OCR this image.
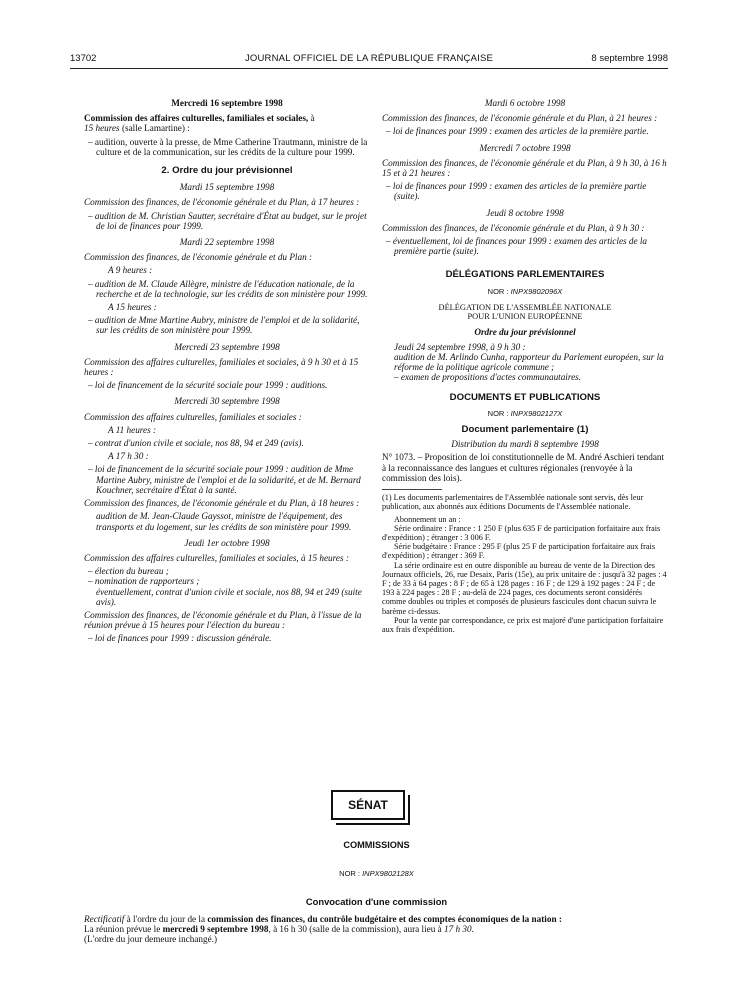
13702	JOURNAL OFFICIEL DE LA RÉPUBLIQUE FRANÇAISE	8 septembre 1998
Mercredi 16 septembre 1998
Commission des affaires culturelles, familiales et sociales, à
15 heures (salle Lamartine) :
– audition, ouverte à la presse, de Mme Catherine Trautmann, ministre de la culture et de la communication, sur les crédits de la culture pour 1999.
2. Ordre du jour prévisionnel
Mardi 15 septembre 1998
Commission des finances, de l'économie générale et du Plan, à 17 heures :
– audition de M. Christian Sautter, secrétaire d'État au budget, sur le projet de loi de finances pour 1999.
Mardi 22 septembre 1998
Commission des finances, de l'économie générale et du Plan :
A 9 heures :
– audition de M. Claude Allègre, ministre de l'éducation nationale, de la recherche et de la technologie, sur les crédits de son ministère pour 1999.
A 15 heures :
– audition de Mme Martine Aubry, ministre de l'emploi et de la solidarité, sur les crédits de son ministère pour 1999.
Mercredi 23 septembre 1998
Commission des affaires culturelles, familiales et sociales, à 9 h 30 et à 15 heures :
– loi de financement de la sécurité sociale pour 1999 : auditions.
Mercredi 30 septembre 1998
Commission des affaires culturelles, familiales et sociales :
A 11 heures :
– contrat d'union civile et sociale, nos 88, 94 et 249 (avis).
A 17 h 30 :
– loi de financement de la sécurité sociale pour 1999 : audition de Mme Martine Aubry, ministre de l'emploi et de la solidarité, et de M. Bernard Kouchner, secrétaire d'État à la santé.
Commission des finances, de l'économie générale et du Plan, à 18 heures :
audition de M. Jean-Claude Gayssot, ministre de l'équipement, des transports et du logement, sur les crédits de son ministère pour 1999.
Jeudi 1er octobre 1998
Commission des affaires culturelles, familiales et sociales, à 15 heures :
– élection du bureau ;
– nomination de rapporteurs ;
éventuellement, contrat d'union civile et sociale, nos 88, 94 et 249 (suite avis).
Commission des finances, de l'économie générale et du Plan, à l'issue de la réunion prévue à 15 heures pour l'élection du bureau :
– loi de finances pour 1999 : discussion générale.
Mardi 6 octobre 1998
Commission des finances, de l'économie générale et du Plan, à 21 heures :
– loi de finances pour 1999 : examen des articles de la première partie.
Mercredi 7 octobre 1998
Commission des finances, de l'économie générale et du Plan, à 9 h 30, à 16 h 15 et à 21 heures :
– loi de finances pour 1999 : examen des articles de la première partie (suite).
Jeudi 8 octobre 1998
Commission des finances, de l'économie générale et du Plan, à 9 h 30 :
– éventuellement, loi de finances pour 1999 : examen des articles de la première partie (suite).
DÉLÉGATIONS PARLEMENTAIRES
NOR : INPX9802096X
DÉLÉGATION DE L'ASSEMBLÉE NATIONALE
POUR L'UNION EUROPÉENNE
Ordre du jour prévisionnel
Jeudi 24 septembre 1998, à 9 h 30 :
audition de M. Arlindo Cunha, rapporteur du Parlement européen, sur la réforme de la politique agricole commune ;
– examen de propositions d'actes communautaires.
DOCUMENTS ET PUBLICATIONS
NOR : INPX9802127X
Document parlementaire (1)
Distribution du mardi 8 septembre 1998
N° 1073. – Proposition de loi constitutionnelle de M. André Aschieri tendant à la reconnaissance des langues et cultures régionales (renvoyée à la commission des lois).
(1) Les documents parlementaires de l'Assemblée nationale sont servis, dès leur publication, aux abonnés aux éditions Documents de l'Assemblée nationale.
Abonnement un an :
Série ordinaire : France : 1 250 F (plus 635 F de participation forfaitaire aux frais d'expédition) ; étranger : 3 006 F.
Série budgétaire : France : 295 F (plus 25 F de participation forfaitaire aux frais d'expédition) ; étranger : 369 F.
La série ordinaire est en outre disponible au bureau de vente de la Direction des Journaux officiels, 26, rue Desaix, Paris (15e), au prix unitaire de : jusqu'à 32 pages : 4 F ; de 33 à 64 pages : 8 F ; de 65 à 128 pages : 16 F ; de 129 à 192 pages : 24 F ; de 193 à 224 pages : 28 F ; au-delà de 224 pages, ces documents seront considérés comme doubles ou triples et composés de plusieurs fascicules dont chacun suivra le barème ci-dessus.
Pour la vente par correspondance, ce prix est majoré d'une participation forfaitaire aux frais d'expédition.
SÉNAT
COMMISSIONS
NOR : INPX9802128X
Convocation d'une commission
Rectificatif à l'ordre du jour de la commission des finances, du contrôle budgétaire et des comptes économiques de la nation :
La réunion prévue le mercredi 9 septembre 1998, à 16 h 30 (salle de la commission), aura lieu à 17 h 30.
(L'ordre du jour demeure inchangé.)
